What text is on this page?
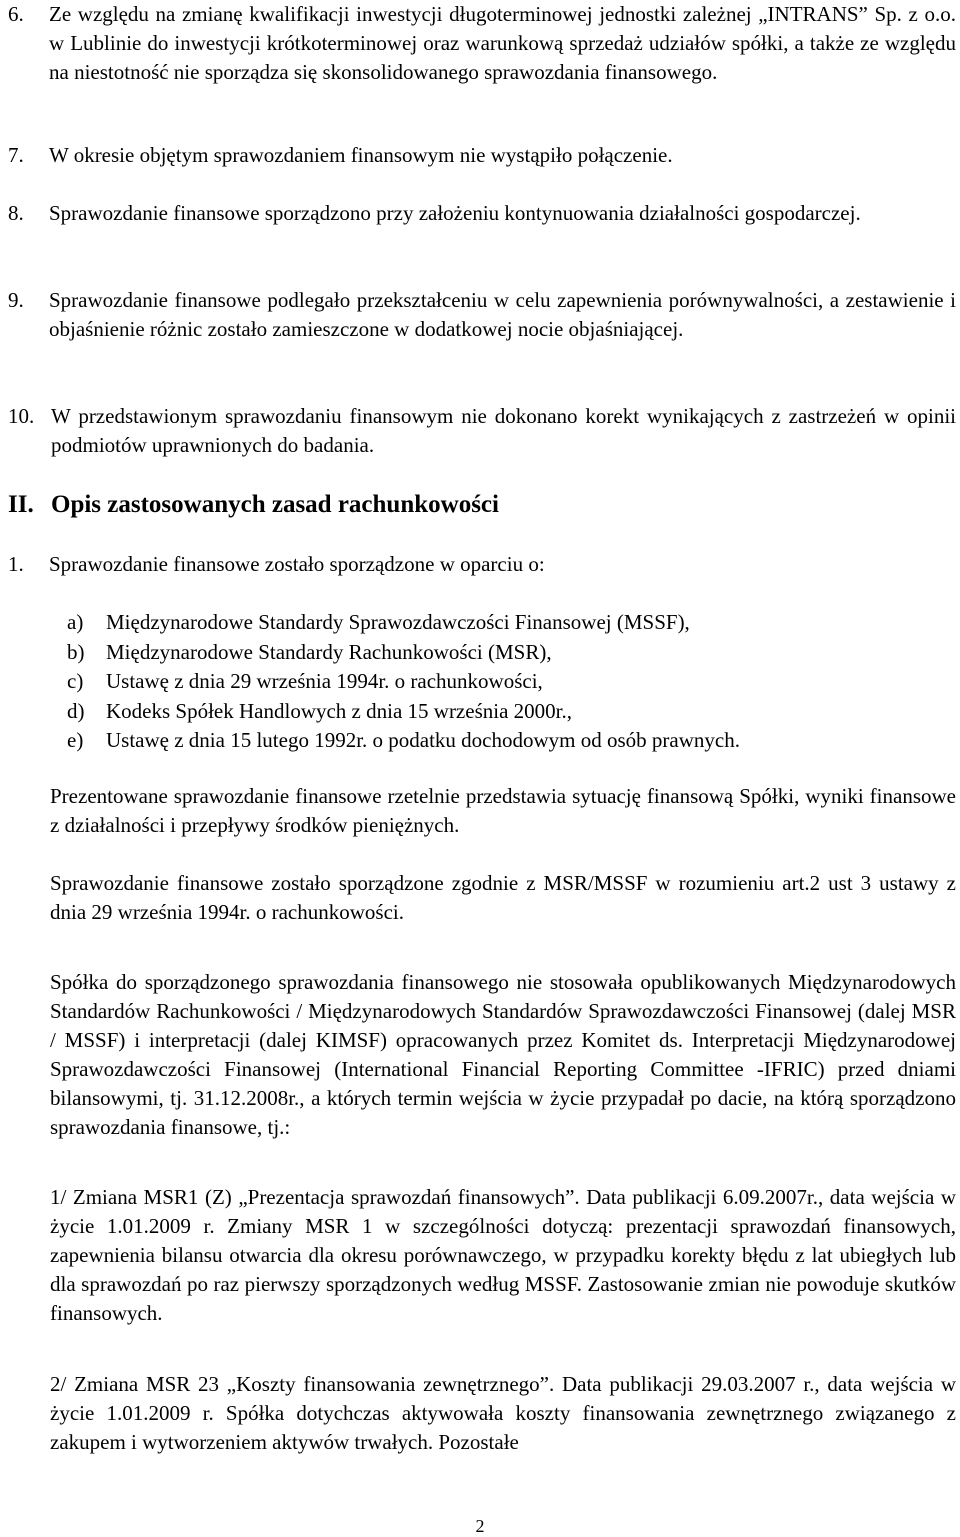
6.	Ze względu na zmianę kwalifikacji inwestycji długoterminowej jednostki zależnej „INTRANS” Sp. z o.o. w Lublinie do inwestycji krótkoterminowej oraz warunkową sprzedaż udziałów spółki, a także ze względu na niestotność nie sporządza się skonsolidowanego sprawozdania finansowego.
7.	W okresie objętym sprawozdaniem finansowym nie wystąpiło połączenie.
8.	Sprawozdanie finansowe sporządzono przy założeniu kontynuowania działalności gospodarczej.
9.	Sprawozdanie finansowe podlegało przekształceniu w celu zapewnienia porównywalności, a zestawienie i objaśnienie różnic zostało zamieszczone w dodatkowej nocie objaśniającej.
10. W przedstawionym sprawozdaniu finansowym nie dokonano korekt wynikających z zastrzeżeń w opinii podmiotów uprawnionych do badania.
II. Opis zastosowanych zasad rachunkowości
1.	Sprawozdanie finansowe zostało sporządzone w oparciu o:
a)	Międzynarodowe Standardy Sprawozdawczości Finansowej (MSSF),
b)	Międzynarodowe Standardy Rachunkowości (MSR),
c)	Ustawę z dnia 29 września 1994r. o rachunkowości,
d)	Kodeks Spółek Handlowych z dnia 15 września 2000r.,
e)	Ustawę z dnia 15 lutego 1992r. o podatku dochodowym od osób prawnych.
Prezentowane sprawozdanie finansowe rzetelnie przedstawia sytuację finansową Spółki, wyniki finansowe z działalności i przepływy środków pieniężnych.
Sprawozdanie finansowe zostało sporządzone zgodnie z MSR/MSSF w rozumieniu art.2 ust 3 ustawy z dnia 29 września 1994r. o rachunkowości.
Spółka do sporządzonego sprawozdania finansowego nie stosowała opublikowanych Międzynarodowych Standardów Rachunkowości / Międzynarodowych Standardów Sprawozdawczości Finansowej (dalej MSR / MSSF) i interpretacji (dalej KIMSF) opracowanych przez Komitet ds. Interpretacji Międzynarodowej Sprawozdawczości Finansowej (International Financial Reporting Committee -IFRIC) przed dniami bilansowymi, tj. 31.12.2008r., a których termin wejścia w życie przypadał po dacie, na którą sporządzono sprawozdania finansowe, tj.:
1/ Zmiana MSR1 (Z) „Prezentacja sprawozdań finansowych”. Data publikacji 6.09.2007r., data wejścia w życie 1.01.2009 r. Zmiany MSR 1 w szczególności dotyczą: prezentacji sprawozdań finansowych, zapewnienia bilansu otwarcia dla okresu porównawczego, w przypadku korekty błędu z lat ubiegłych lub dla sprawozdań po raz pierwszy sporządzonych według MSSF. Zastosowanie zmian nie powoduje skutków finansowych.
2/ Zmiana MSR 23 „Koszty finansowania zewnętrznego”. Data publikacji 29.03.2007 r., data wejścia w życie 1.01.2009 r. Spółka dotychczas aktywowała koszty finansowania zewnętrznego związanego z zakupem i wytworzeniem aktywów trwałych. Pozostałe
2
